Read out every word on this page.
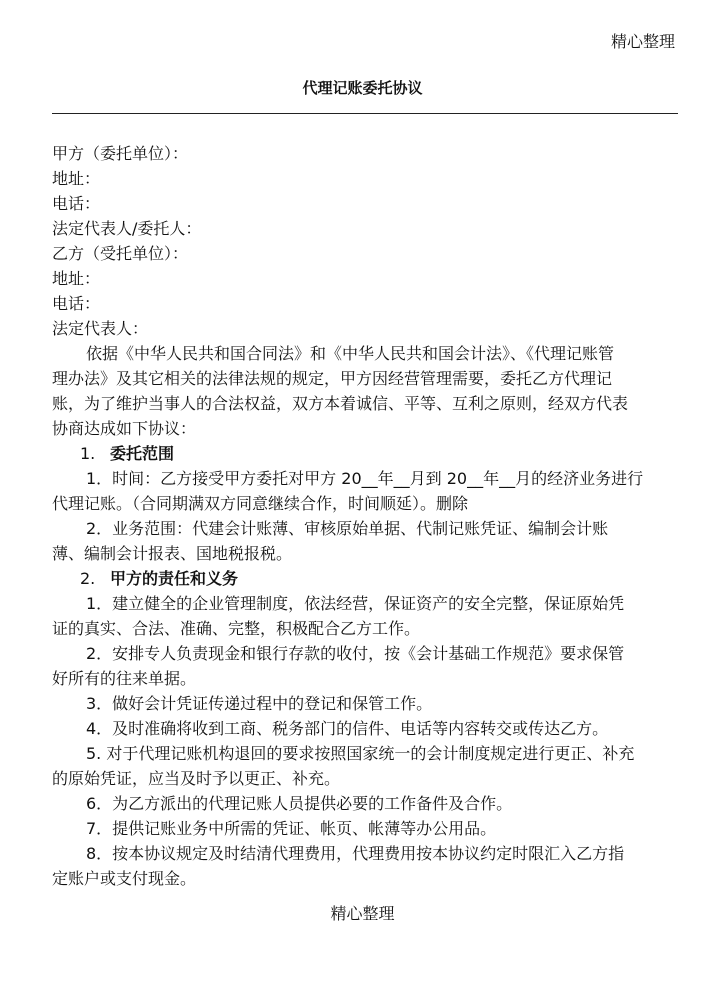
精心整理
代理记账委托协议

甲方（委托单位）：

地址：

电话：

法定代表人/委托人：

乙方（受托单位）：

地址：

电话：

法定代表人：

依据《中华人民共和国合同法》和《中华人民共和国会计法》、《代理记账管

理办法》及其它相关的法律法规的规定，甲方因经营管理需要，委托乙方代理记

账，为了维护当事人的合法权益，双方本着诚信、平等、互利之原则，经双方代表

协商达成如下协议：

1. 委托范围

1．时间：乙方接受甲方委托对甲方 20__年__月到 20__年__月的经济业务进行

代理记账。（合同期满双方同意继续合作，时间顺延）。删除

2．业务范围：代建会计账薄、审核原始单据、代制记账凭证、编制会计账

薄、编制会计报表、国地税报税。

2. 甲方的责任和义务

1．建立健全的企业管理制度，依法经营，保证资产的安全完整，保证原始凭

证的真实、合法、准确、完整，积极配合乙方工作。

2．安排专人负责现金和银行存款的收付，按《会计基础工作规范》要求保管

好所有的往来单据。

3．做好会计凭证传递过程中的登记和保管工作。

4．及时准确将收到工商、税务部门的信件、电话等内容转交或传达乙方。

5. 对于代理记账机构退回的要求按照国家统一的会计制度规定进行更正、补充

的原始凭证，应当及时予以更正、补充。

6．为乙方派出的代理记账人员提供必要的工作备件及合作。

7．提供记账业务中所需的凭证、帐页、帐薄等办公用品。

8．按本协议规定及时结清代理费用，代理费用按本协议约定时限汇入乙方指

定账户或支付现金。

精心整理
